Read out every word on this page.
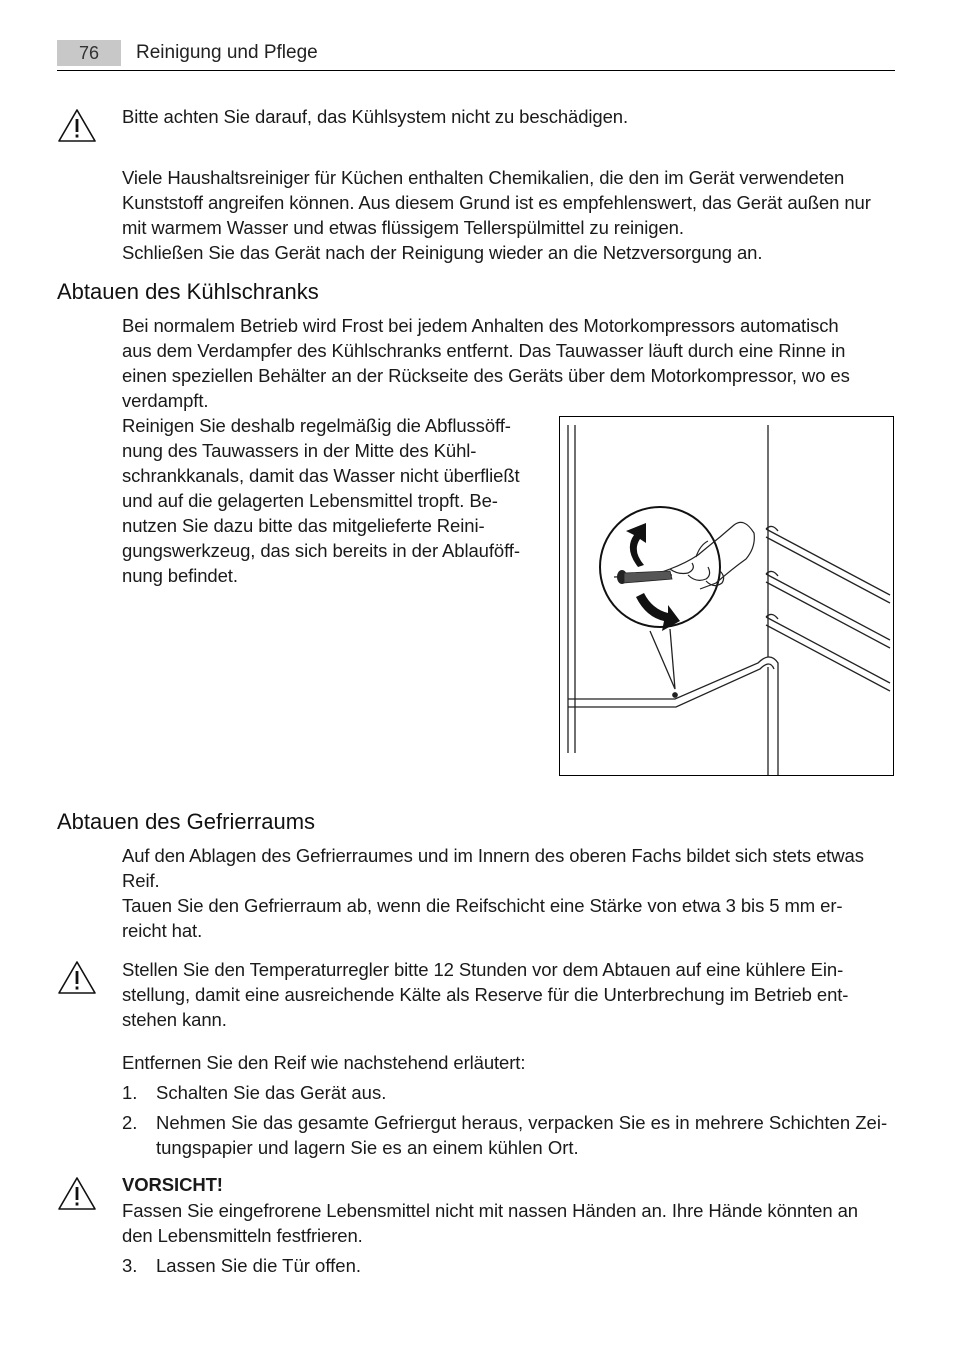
76	Reinigung und Pflege
Bitte achten Sie darauf, das Kühlsystem nicht zu beschädigen.
Viele Haushaltsreiniger für Küchen enthalten Chemikalien, die den im Gerät verwendeten
Kunststoff angreifen können. Aus diesem Grund ist es empfehlenswert, das Gerät außen nur
mit warmem Wasser und etwas flüssigem Tellerspülmittel zu reinigen.
Schließen Sie das Gerät nach der Reinigung wieder an die Netzversorgung an.
Abtauen des Kühlschranks
Bei normalem Betrieb wird Frost bei jedem Anhalten des Motorkompressors automatisch
aus dem Verdampfer des Kühlschranks entfernt. Das Tauwasser läuft durch eine Rinne in
einen speziellen Behälter an der Rückseite des Geräts über dem Motorkompressor, wo es
verdampft.
Reinigen Sie deshalb regelmäßig die Abflussöff-
nung des Tauwassers in der Mitte des Kühl-
schrankkanals, damit das Wasser nicht überfließt
und auf die gelagerten Lebensmittel tropft. Be-
nutzen Sie dazu bitte das mitgelieferte Reini-
gungswerkzeug, das sich bereits in der Ablauföff-
nung befindet.
Abtauen des Gefrierraums
Auf den Ablagen des Gefrierraumes und im Innern des oberen Fachs bildet sich stets etwas
Reif.
Tauen Sie den Gefrierraum ab, wenn die Reifschicht eine Stärke von etwa 3 bis 5 mm er-
reicht hat.
Stellen Sie den Temperaturregler bitte 12 Stunden vor dem Abtauen auf eine kühlere Ein-
stellung, damit eine ausreichende Kälte als Reserve für die Unterbrechung im Betrieb ent-
stehen kann.
Entfernen Sie den Reif wie nachstehend erläutert:
1. Schalten Sie das Gerät aus.
2. Nehmen Sie das gesamte Gefriergut heraus, verpacken Sie es in mehrere Schichten Zei-
tungspapier und lagern Sie es an einem kühlen Ort.
VORSICHT!
Fassen Sie eingefrorene Lebensmittel nicht mit nassen Händen an. Ihre Hände könnten an
den Lebensmitteln festfrieren.
3. Lassen Sie die Tür offen.
